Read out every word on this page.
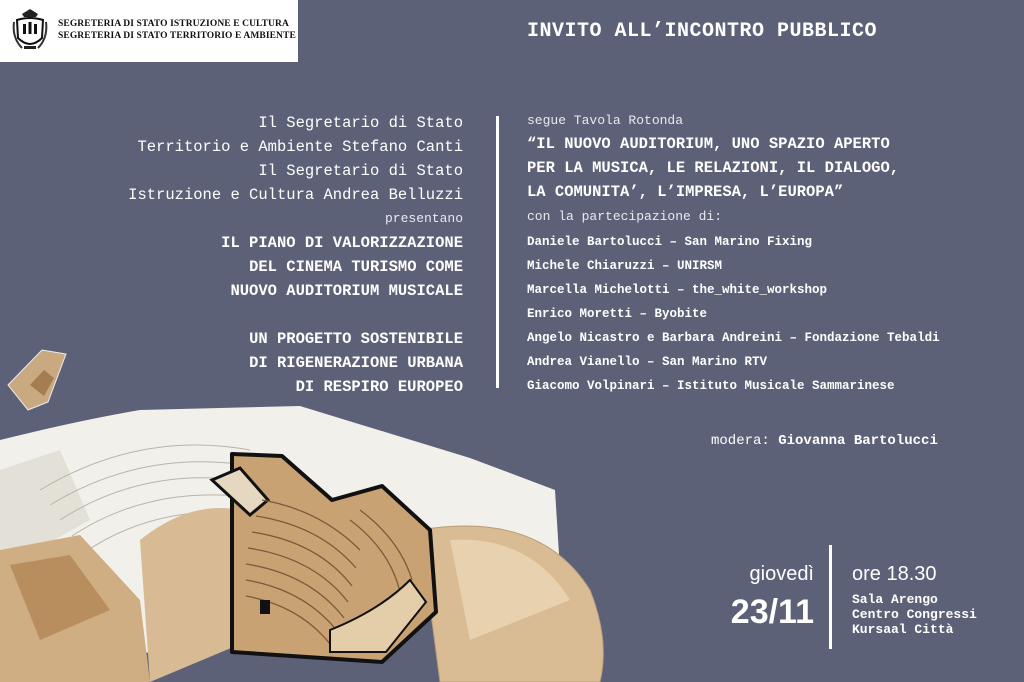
SEGRETERIA DI STATO ISTRUZIONE E CULTURA
SEGRETERIA DI STATO TERRITORIO E AMBIENTE	INVITO ALL’INCONTRO PUBBLICO
Il Segretario di Stato
Territorio e Ambiente Stefano Canti
Il Segretario di Stato
Istruzione e Cultura Andrea Belluzzi
presentano
IL PIANO DI VALORIZZAZIONE
DEL CINEMA TURISMO COME
NUOVO AUDITORIUM MUSICALE
UN PROGETTO SOSTENIBILE
DI RIGENERAZIONE URBANA
DI RESPIRO EUROPEO
segue Tavola Rotonda
“IL NUOVO AUDITORIUM, UNO SPAZIO APERTO
PER LA MUSICA, LE RELAZIONI, IL DIALOGO,
LA COMUNITA’, L’IMPRESA, L’EUROPA”
con la partecipazione di:
Daniele Bartolucci – San Marino Fixing
Michele Chiaruzzi – UNIRSM
Marcella Michelotti – the_white_workshop
Enrico Moretti – Byobite
Angelo Nicastro e Barbara Andreini – Fondazione Tebaldi
Andrea Vianello – San Marino RTV
Giacomo Volpinari – Istituto Musicale Sammarinese
modera: Giovanna Bartolucci
giovedì
23/11
ore 18.30
Sala Arengo
Centro Congressi
Kursaal Città
